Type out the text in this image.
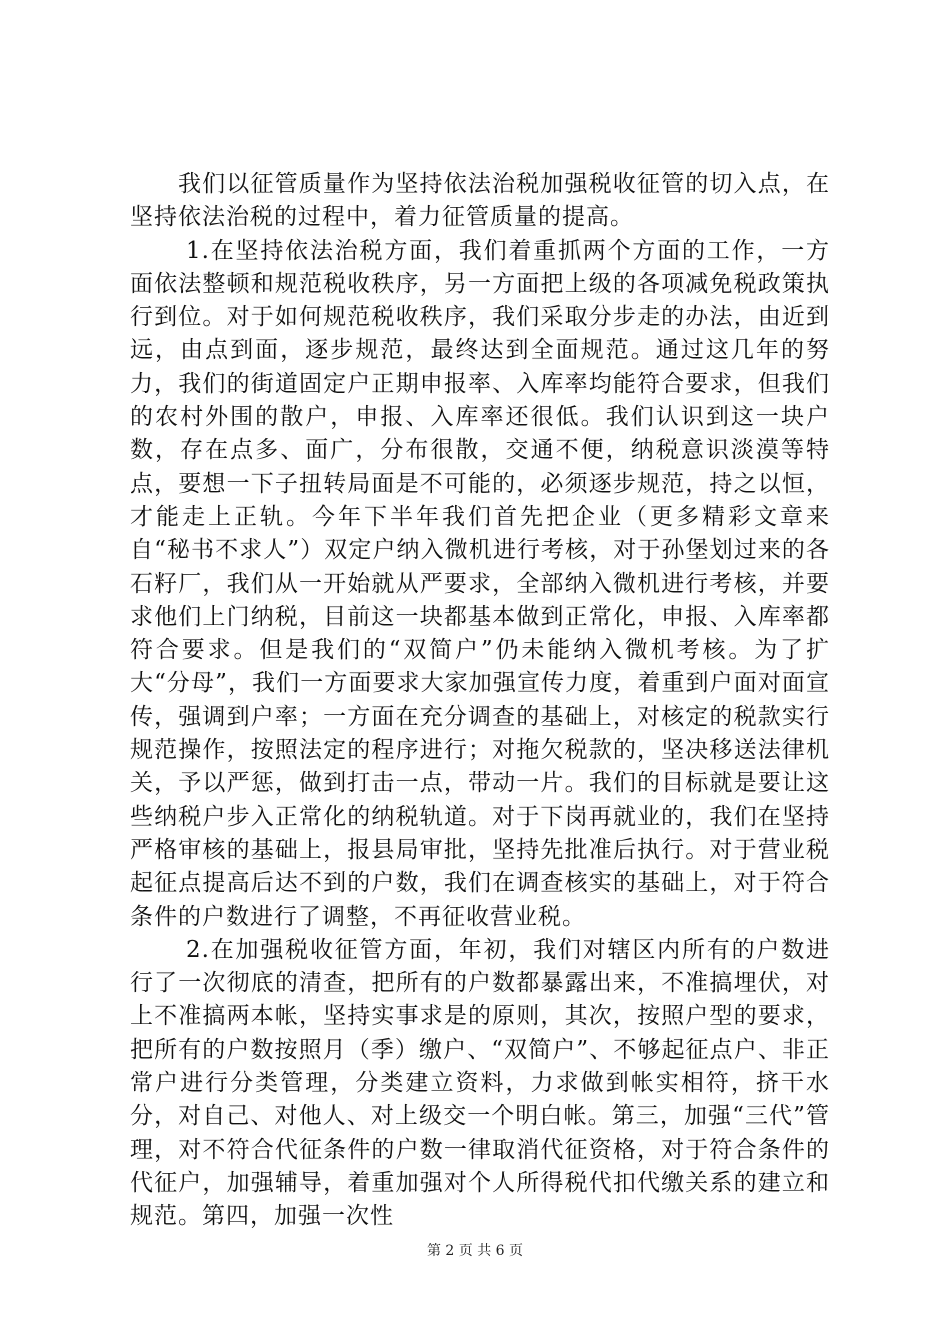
我们以征管质量作为坚持依法治税加强税收征管的切入点，在坚持依法治税的过程中，着力征管质量的提高。

1.在坚持依法治税方面，我们着重抓两个方面的工作，一方面依法整顿和规范税收秩序，另一方面把上级的各项减免税政策执行到位。对于如何规范税收秩序，我们采取分步走的办法，由近到远，由点到面，逐步规范，最终达到全面规范。通过这几年的努力，我们的街道固定户正期申报率、入库率均能符合要求，但我们的农村外围的散户，申报、入库率还很低。我们认识到这一块户数，存在点多、面广，分布很散，交通不便，纳税意识淡漠等特点，要想一下子扭转局面是不可能的，必须逐步规范，持之以恒，才能走上正轨。今年下半年我们首先把企业（更多精彩文章来自“秘书不求人”）双定户纳入微机进行考核，对于孙堡划过来的各石籽厂，我们从一开始就从严要求，全部纳入微机进行考核，并要求他们上门纳税，目前这一块都基本做到正常化，申报、入库率都符合要求。但是我们的“双简户”仍未能纳入微机考核。为了扩大“分母”，我们一方面要求大家加强宣传力度，着重到户面对面宣传，强调到户率；一方面在充分调查的基础上，对核定的税款实行规范操作，按照法定的程序进行；对拖欠税款的，坚决移送法律机关，予以严惩，做到打击一点，带动一片。我们的目标就是要让这些纳税户步入正常化的纳税轨道。对于下岗再就业的，我们在坚持严格审核的基础上，报县局审批，坚持先批准后执行。对于营业税起征点提高后达不到的户数，我们在调查核实的基础上，对于符合条件的户数进行了调整，不再征收营业税。

2.在加强税收征管方面，年初，我们对辖区内所有的户数进行了一次彻底的清查，把所有的户数都暴露出来，不准搞埋伏，对上不准搞两本帐，坚持实事求是的原则，其次，按照户型的要求，把所有的户数按照月（季）缴户、“双简户”、不够起征点户、非正常户进行分类管理，分类建立资料，力求做到帐实相符，挤干水分，对自己、对他人、对上级交一个明白帐。第三，加强“三代”管理，对不符合代征条件的户数一律取消代征资格，对于符合条件的代征户，加强辅导，着重加强对个人所得税代扣代缴关系的建立和规范。第四，加强一次性

第 2 页 共 6 页
